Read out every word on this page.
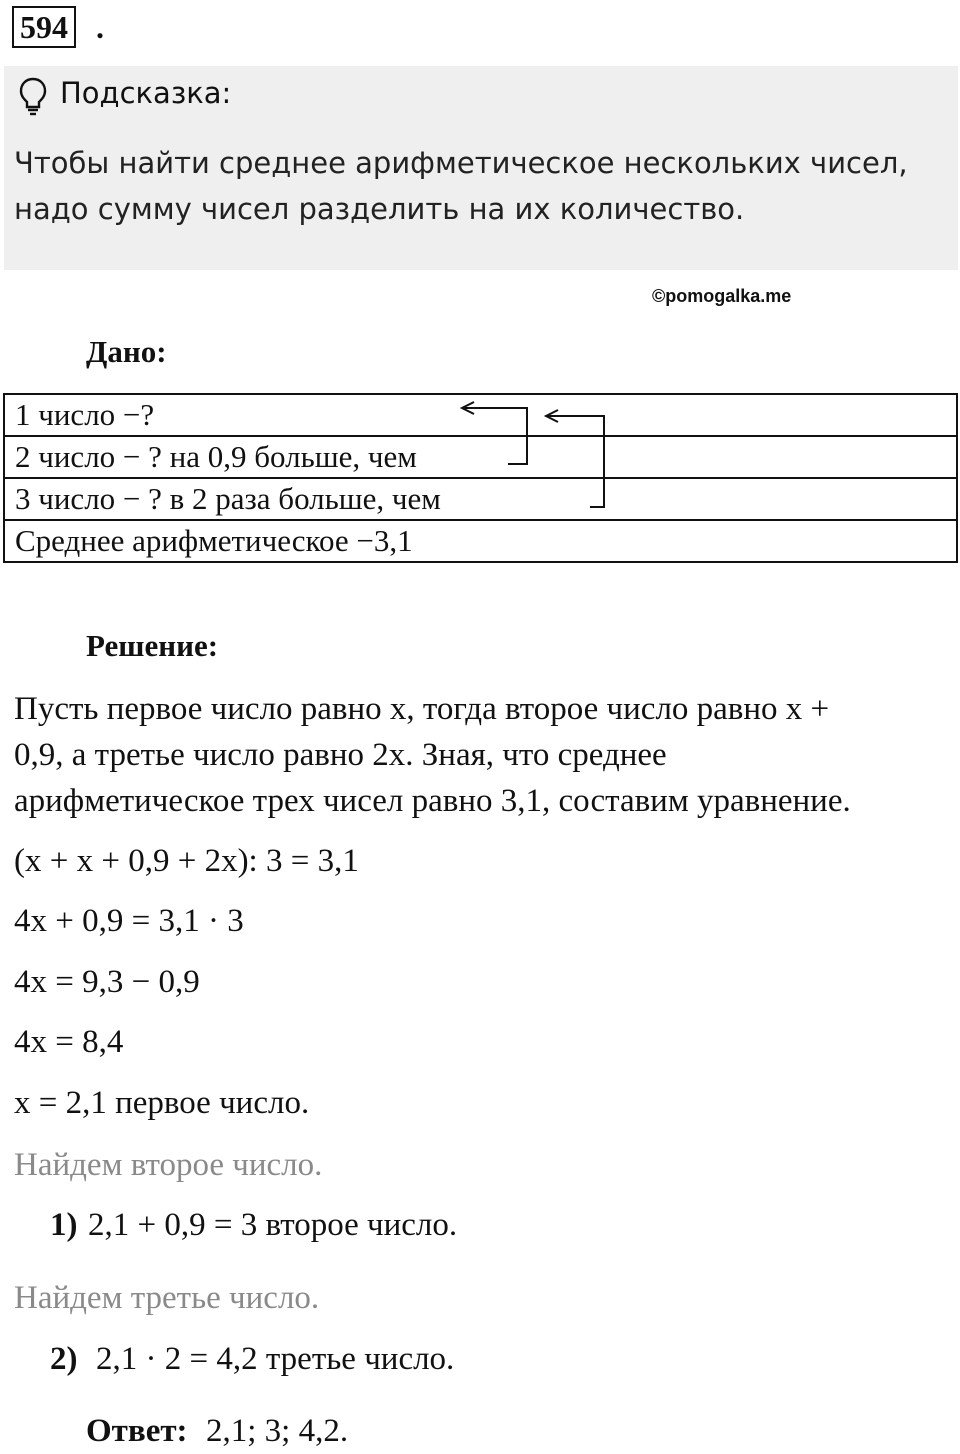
594 .
Подсказка:
Чтобы найти среднее арифметическое нескольких чисел,
надо сумму чисел разделить на их количество.
©pomogalka.me
Дано:
1 число −?
2 число − ? на 0,9 больше, чем
3 число − ? в 2 раза больше, чем
Среднее арифметическое −3,1
Решение:
Пусть первое число равно x, тогда второе число равно x +
0,9, а третье число равно 2x. Зная, что среднее
арифметическое трех чисел равно 3,1, составим уравнение.
(x + x + 0,9 + 2x): 3 = 3,1
4x + 0,9 = 3,1 · 3
4x = 9,3 − 0,9
4x = 8,4
x = 2,1 первое число.
Найдем второе число.
1) 2,1 + 0,9 = 3 второе число.
Найдем третье число.
2) 2,1 · 2 = 4,2 третье число.
Ответ: 2,1; 3; 4,2.
